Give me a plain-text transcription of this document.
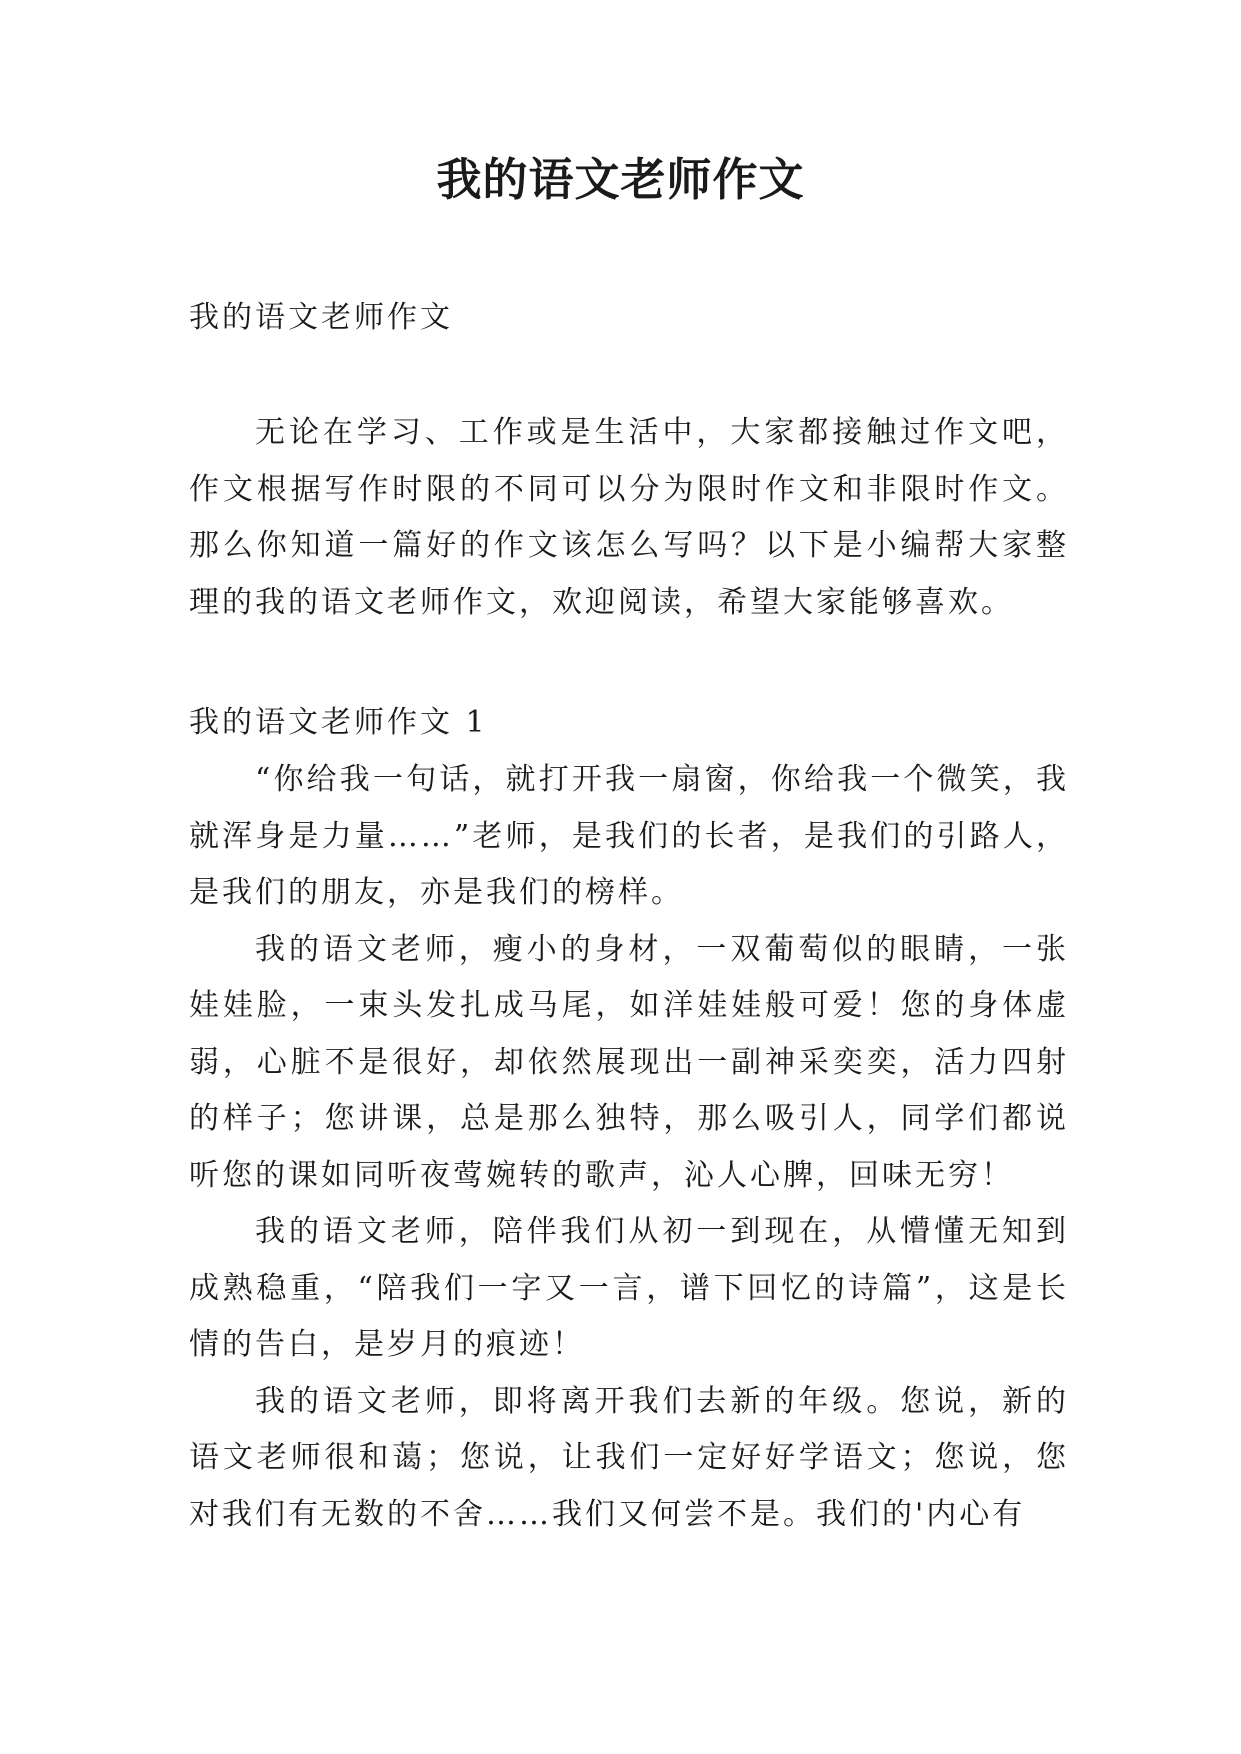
我的语文老师作文
我的语文老师作文
无论在学习、工作或是生活中，大家都接触过作文吧，作文根据写作时限的不同可以分为限时作文和非限时作文。那么你知道一篇好的作文该怎么写吗？以下是小编帮大家整理的我的语文老师作文，欢迎阅读，希望大家能够喜欢。
我的语文老师作文 1

“你给我一句话，就打开我一扇窗，你给我一个微笑，我就浑身是力量……”老师，是我们的长者，是我们的引路人，是我们的朋友，亦是我们的榜样。

我的语文老师，瘦小的身材，一双葡萄似的眼睛，一张娃娃脸，一束头发扎成马尾，如洋娃娃般可爱！您的身体虚弱，心脏不是很好，却依然展现出一副神采奕奕，活力四射的样子；您讲课，总是那么独特，那么吸引人，同学们都说听您的课如同听夜莺婉转的歌声，沁人心脾，回味无穷！

我的语文老师，陪伴我们从初一到现在，从懵懂无知到成熟稳重，“陪我们一字又一言，谱下回忆的诗篇”，这是长情的告白，是岁月的痕迹！

我的语文老师，即将离开我们去新的年级。您说，新的语文老师很和蔼；您说，让我们一定好好学语文；您说，您对我们有无数的不舍……我们又何尝不是。我们的'内心有
